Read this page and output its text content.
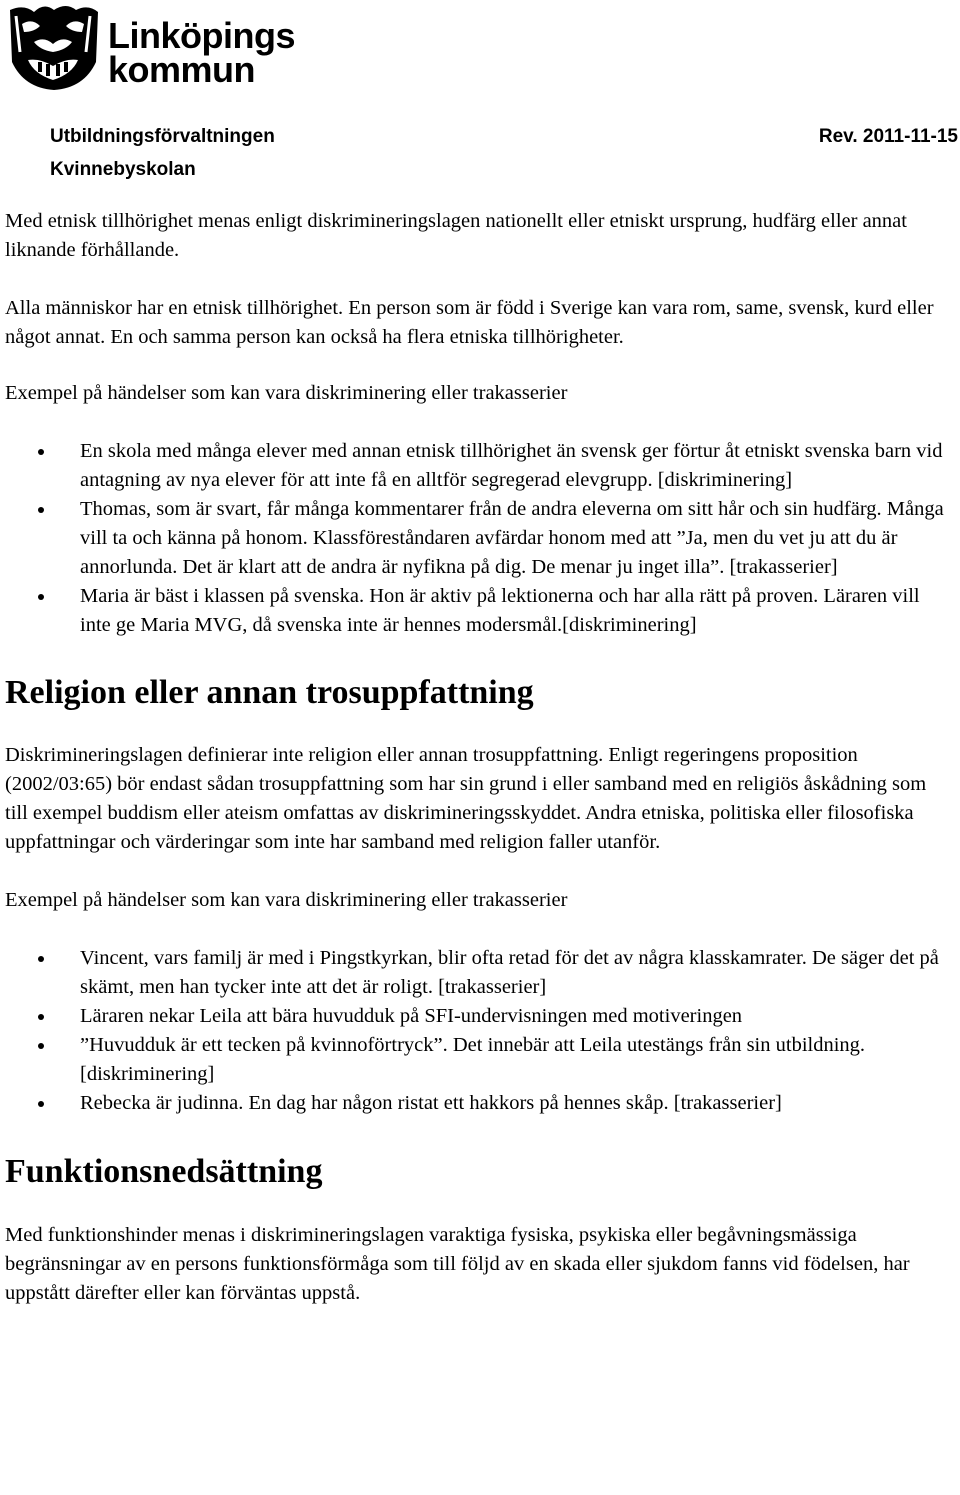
Linköpings
kommun
Utbildningsförvaltningen
Kvinnebyskolan
Rev. 2011-11-15

Med etnisk tillhörighet menas enligt diskrimineringslagen nationellt eller etniskt ursprung, hudfärg eller annat liknande förhållande.

Alla människor har en etnisk tillhörighet. En person som är född i Sverige kan vara rom, same, svensk, kurd eller något annat. En och samma person kan också ha flera etniska tillhörigheter.

Exempel på händelser som kan vara diskriminering eller trakasserier

En skola med många elever med annan etnisk tillhörighet än svensk ger förtur åt etniskt svenska barn vid antagning av nya elever för att inte få en alltför segregerad elevgrupp. [diskriminering]
Thomas, som är svart, får många kommentarer från de andra eleverna om sitt hår och sin hudfärg. Många vill ta och känna på honom. Klassföreståndaren avfärdar honom med att ”Ja, men du vet ju att du är annorlunda. Det är klart att de andra är nyfikna på dig. De menar ju inget illa”. [trakasserier]
Maria är bäst i klassen på svenska. Hon är aktiv på lektionerna och har alla rätt på proven. Läraren vill inte ge Maria MVG, då svenska inte är hennes modersmål.[diskriminering]
Religion eller annan trosuppfattning

Diskrimineringslagen definierar inte religion eller annan trosuppfattning. Enligt regeringens proposition (2002/03:65) bör endast sådan trosuppfattning som har sin grund i eller samband med en religiös åskådning som till exempel buddism eller ateism omfattas av diskrimineringsskyddet. Andra etniska, politiska eller filosofiska uppfattningar och värderingar som inte har samband med religion faller utanför.

Exempel på händelser som kan vara diskriminering eller trakasserier

Vincent, vars familj är med i Pingstkyrkan, blir ofta retad för det av några klasskamrater. De säger det på skämt, men han tycker inte att det är roligt. [trakasserier]
Läraren nekar Leila att bära huvudduk på SFI-undervisningen med motiveringen
”Huvudduk är ett tecken på kvinnoförtryck”. Det innebär att Leila utestängs från sin utbildning. [diskriminering]
Rebecka är judinna. En dag har någon ristat ett hakkors på hennes skåp. [trakasserier]
Funktionsnedsättning

Med funktionshinder menas i diskrimineringslagen varaktiga fysiska, psykiska eller begåvningsmässiga begränsningar av en persons funktionsförmåga som till följd av en skada eller sjukdom fanns vid födelsen, har uppstått därefter eller kan förväntas uppstå.
